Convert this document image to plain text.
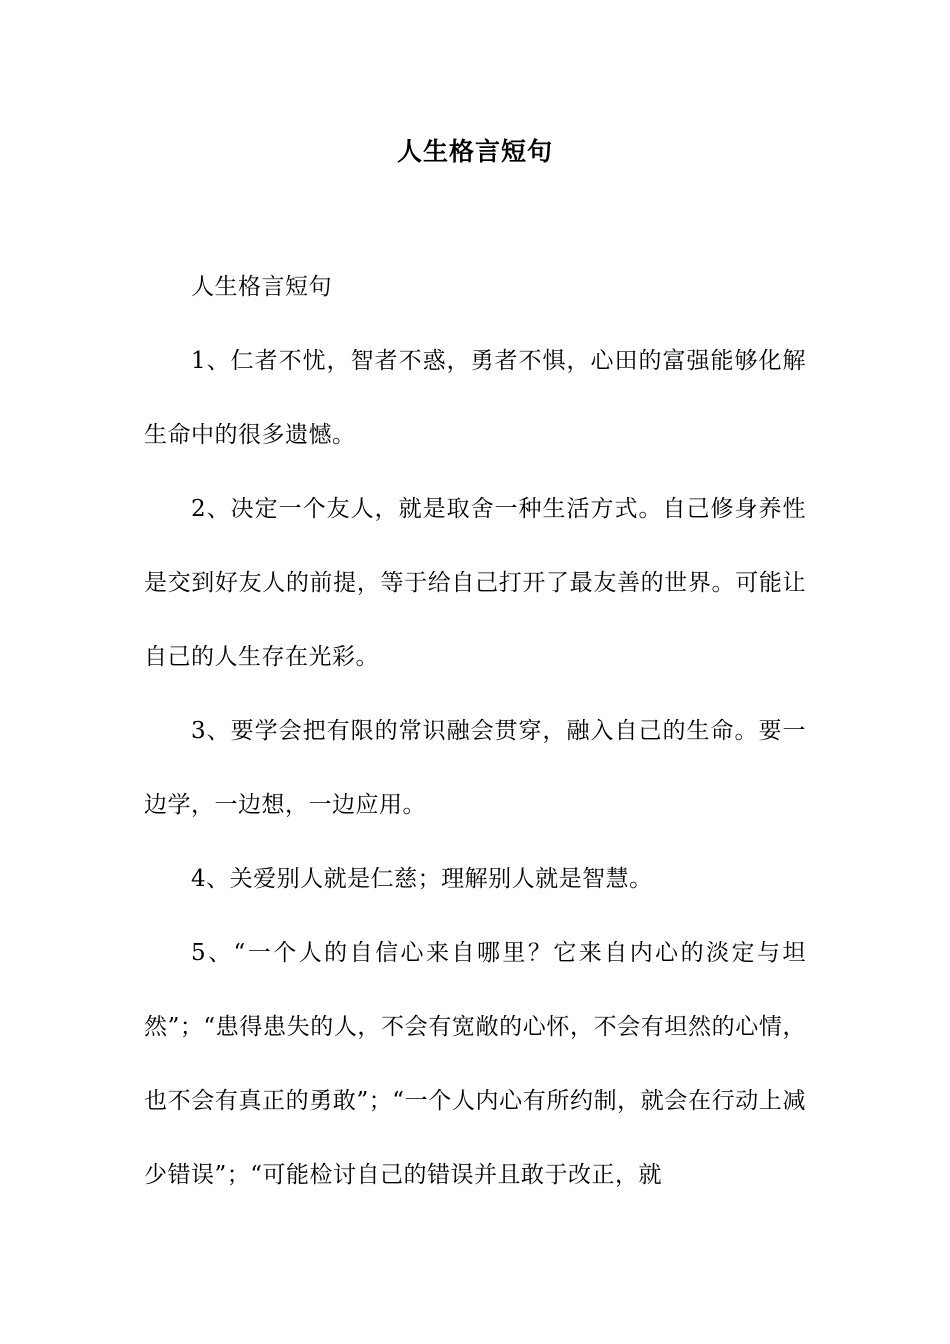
人生格言短句

人生格言短句

1、仁者不忧，智者不惑，勇者不惧，心田的富强能够化解生命中的很多遗憾。

2、决定一个友人，就是取舍一种生活方式。自己修身养性是交到好友人的前提，等于给自己打开了最友善的世界。可能让自己的人生存在光彩。

3、要学会把有限的常识融会贯穿，融入自己的生命。要一边学，一边想，一边应用。

4、关爱别人就是仁慈；理解别人就是智慧。

5、“一个人的自信心来自哪里？它来自内心的淡定与坦然”；“患得患失的人，不会有宽敞的心怀，不会有坦然的心情，也不会有真正的勇敢”；“一个人内心有所约制，就会在行动上减少错误”；“可能检讨自己的错误并且敢于改正，就
